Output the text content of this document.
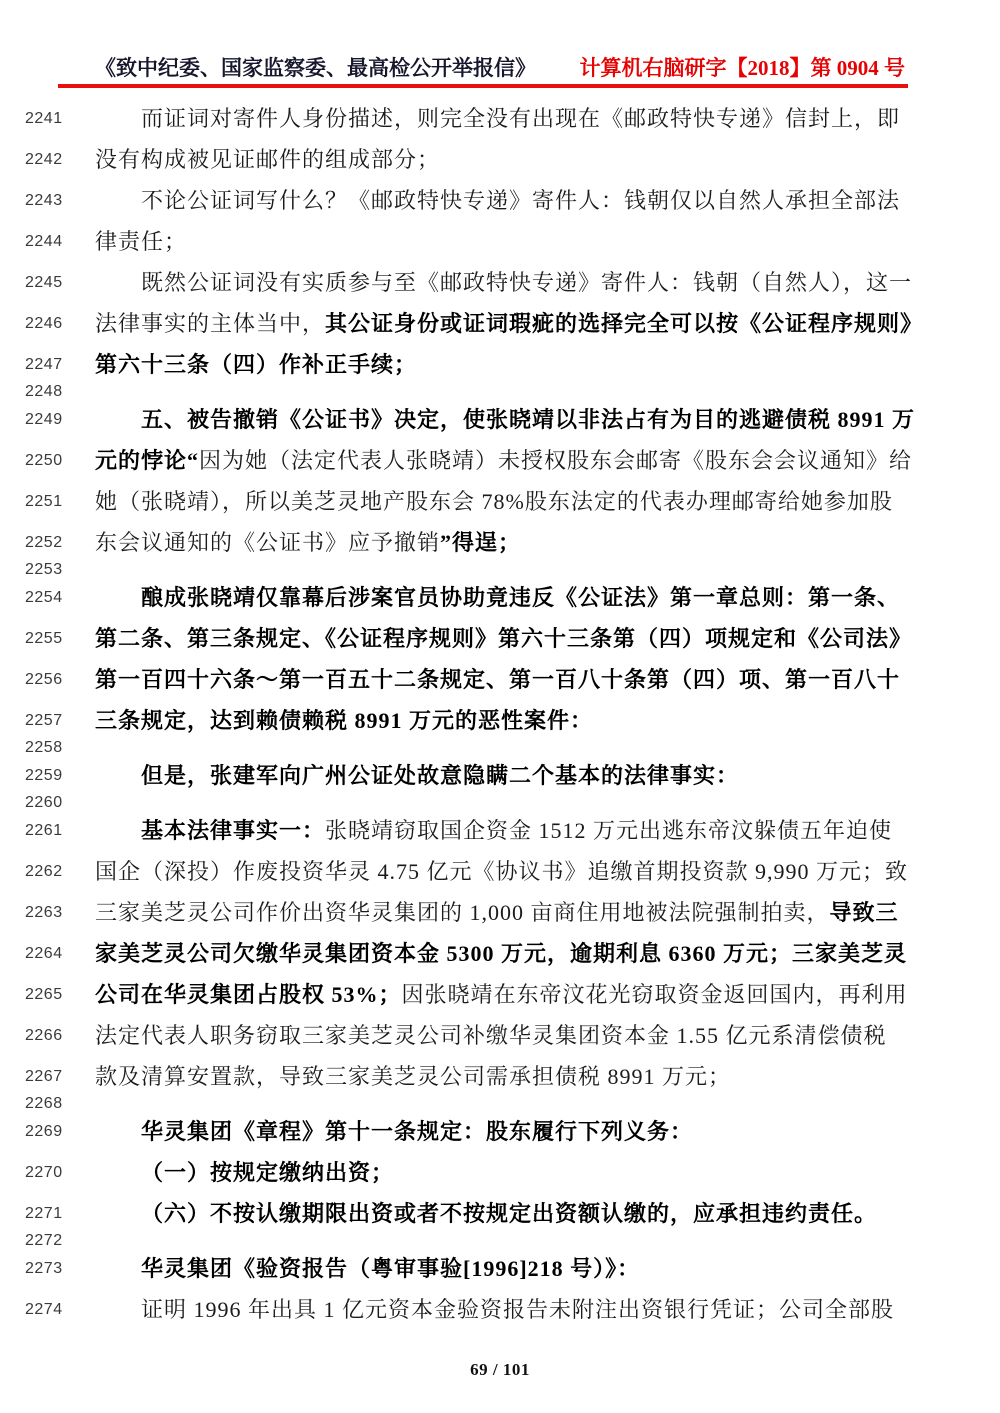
《致中纪委、国家监察委、最高检公开举报信》 计算机右脑研字【2018】第 0904 号
2241	而证词对寄件人身份描述，则完全没有出现在《邮政特快专递》信封上，即
2242	没有构成被见证邮件的组成部分；
2243	不论公证词写什么？《邮政特快专递》寄件人：钱朝仅以自然人承担全部法
2244	律责任；
2245	既然公证词没有实质参与至《邮政特快专递》寄件人：钱朝（自然人），这一
2246	法律事实的主体当中，其公证身份或证词瑕疵的选择完全可以按《公证程序规则》
2247	第六十三条（四）作补正手续；
2248
2249	五、被告撤销《公证书》决定，使张晓靖以非法占有为目的逃避债税 8991 万
2250	元的悖论“因为她（法定代表人张晓靖）未授权股东会邮寄《股东会会议通知》给
2251	她（张晓靖），所以美芝灵地产股东会 78%股东法定的代表办理邮寄给她参加股
2252	东会议通知的《公证书》应予撤销”得逞；
2253
2254	酿成张晓靖仅靠幕后涉案官员协助竟违反《公证法》第一章总则：第一条、
2255	第二条、第三条规定、《公证程序规则》第六十三条第（四）项规定和《公司法》
2256	第一百四十六条～第一百五十二条规定、第一百八十条第（四）项、第一百八十
2257	三条规定，达到赖债赖税 8991 万元的恶性案件：
2258
2259	但是，张建军向广州公证处故意隐瞒二个基本的法律事实：
2260
2261	基本法律事实一：张晓靖窃取国企资金 1512 万元出逃东帝汶躲债五年迫使
2262	国企（深投）作废投资华灵 4.75 亿元《协议书》追缴首期投资款 9,990 万元；致
2263	三家美芝灵公司作价出资华灵集团的 1,000 亩商住用地被法院强制拍卖，导致三
2264	家美芝灵公司欠缴华灵集团资本金 5300 万元，逾期利息 6360 万元；三家美芝灵
2265	公司在华灵集团占股权 53%；因张晓靖在东帝汶花光窃取资金返回国内，再利用
2266	法定代表人职务窃取三家美芝灵公司补缴华灵集团资本金 1.55 亿元系清偿债税
2267	款及清算安置款，导致三家美芝灵公司需承担债税 8991 万元；
2268
2269	华灵集团《章程》第十一条规定：股东履行下列义务：
2270	（一）按规定缴纳出资；
2271	（六）不按认缴期限出资或者不按规定出资额认缴的，应承担违约责任。
2272
2273	华灵集团《验资报告（粤审事验[1996]218 号）》：
2274	证明 1996 年出具 1 亿元资本金验资报告未附注出资银行凭证；公司全部股
69 / 101
